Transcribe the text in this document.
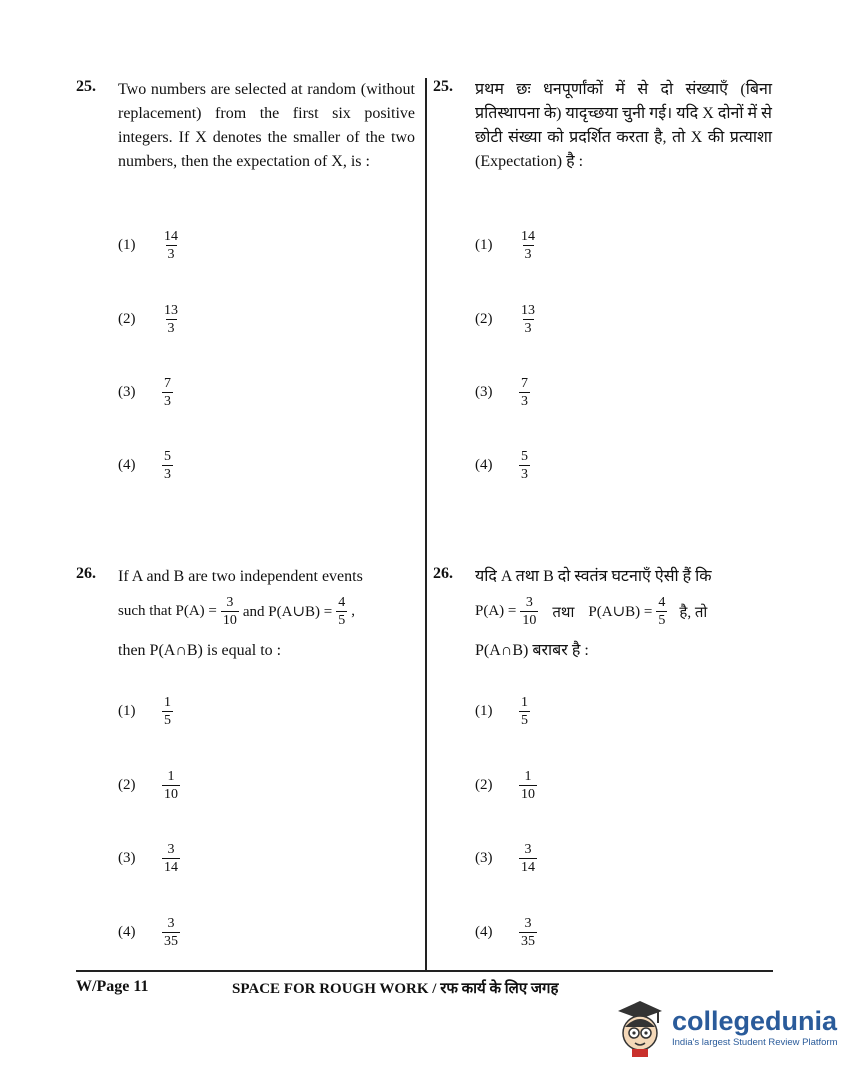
25. Two numbers are selected at random (without replacement) from the first six positive integers. If X denotes the smaller of the two numbers, then the expectation of X, is :
(1)	$\frac{14}{3}$
(2)	$\frac{13}{3}$
(3)	$\frac{7}{3}$
(4)	$\frac{5}{3}$
26. If A and B are two independent events
such that $P(A) = \frac{3}{10}$ and P(A∪B) = $\frac{4}{5}$ ,
then P(A∩B) is equal to :
(1)	$\frac{1}{5}$
(2)	$\frac{1}{10}$
(3)	$\frac{3}{14}$
(4)	$\frac{3}{35}$
25. प्रथम छः धनपूर्णांकों में से दो संख्याएँ (बिना प्रतिस्थापना के) यादृच्छया चुनी गई। यदि X दोनों में से छोटी संख्या को प्रदर्शित करता है, तो X की प्रत्याशा (Expectation) है :
(1)	$\frac{14}{3}$
(2)	$\frac{13}{3}$
(3)	$\frac{7}{3}$
(4)	$\frac{5}{3}$
26. यदि A तथा B दो स्वतंत्र घटनाएँ ऐसी हैं कि
$P(A) = \frac{3}{10}$ तथा P(A∪B) = $\frac{4}{5}$ है, तो
P(A∩B) बराबर है :
(1)	$\frac{1}{5}$
(2)	$\frac{1}{10}$
(3)	$\frac{3}{14}$
(4)	$\frac{3}{35}$
W/Page 11	SPACE FOR ROUGH WORK / रफ कार्य के लिए जगह
collegedunia
India's largest Student Review Platform
